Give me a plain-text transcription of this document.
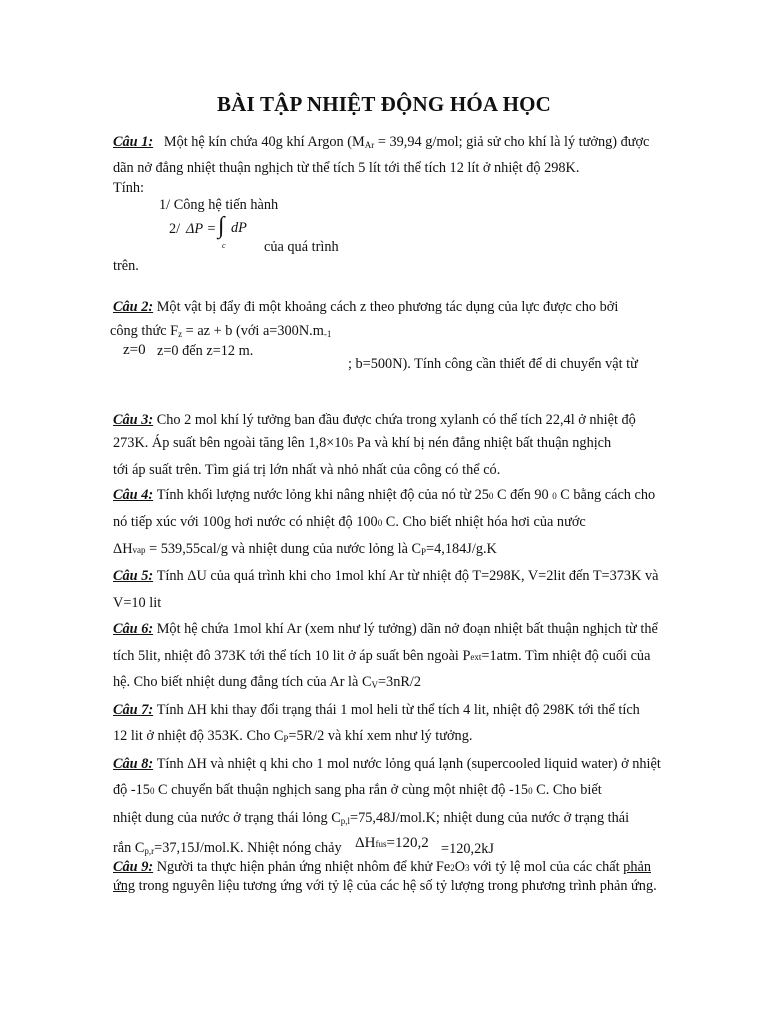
BÀI TẬP NHIỆT ĐỘNG HÓA HỌC
Câu 1: Một hệ kín chứa 40g khí Argon (MAr = 39,94 g/mol; giả sử cho khí là lý tưởng) được
dãn nở đẳng nhiệt thuận nghịch từ thể tích 5 lít tới thể tích 12 lít ở nhiệt độ 298K.
Tính:
1/ Công hệ tiến hành
2/ ΔP = ∫ dP
c	của quá trình
trên.
Câu 2: Một vật bị đẩy đi một khoảng cách z theo phương tác dụng của lực được cho bởi
công thức Fz = az + b (với a=300N.m-1
z=0 z=0 đến z=12 m.
; b=500N). Tính công cần thiết để di chuyển vật từ
Câu 3: Cho 2 mol khí lý tưởng ban đầu được chứa trong xylanh có thể tích 22,4l ở nhiệt độ
273K. Áp suất bên ngoài tăng lên 1,8×105 Pa và khí bị nén đẳng nhiệt bất thuận nghịch
tới áp suất trên. Tìm giá trị lớn nhất và nhỏ nhất của công có thể có.
Câu 4: Tính khối lượng nước lỏng khi nâng nhiệt độ của nó từ 250 C đến 90 0 C bằng cách cho
nó tiếp xúc với 100g hơi nước có nhiệt độ 1000 C. Cho biết nhiệt hóa hơi của nước
ΔHvap = 539,55cal/g và nhiệt dung của nước lỏng là CP=4,184J/g.K
Câu 5: Tính ΔU của quá trình khi cho 1mol khí Ar từ nhiệt độ T=298K, V=2lit đến T=373K và
V=10 lit
Câu 6: Một hệ chứa 1mol khí Ar (xem như lý tưởng) dãn nở đoạn nhiệt bất thuận nghịch từ thể
tích 5lit, nhiệt đô 373K tới thể tích 10 lit ở áp suất bên ngoài Pext=1atm. Tìm nhiệt độ cuối của
hệ. Cho biết nhiệt dung đẳng tích của Ar là CV=3nR/2
Câu 7: Tính ΔH khi thay đổi trạng thái 1 mol heli từ thể tích 4 lit, nhiệt độ 298K tới thể tích
12 lit ở nhiệt độ 353K. Cho CP=5R/2 và khí xem như lý tưởng.
Câu 8: Tính ΔH và nhiệt q khi cho 1 mol nước lỏng quá lạnh (supercooled liquid water) ở nhiệt
độ -150 C chuyển bất thuận nghịch sang pha rắn ở cùng một nhiệt độ -150 C. Cho biết
nhiệt dung của nước ở trạng thái lỏng Cp,l=75,48J/mol.K; nhiệt dung của nước ở trạng thái
rắn Cp,r=37,15J/mol.K. Nhiệt nóng chảy ΔHfus=120,2 =120,2kJ
Câu 9: Người ta thực hiện phản ứng nhiệt nhôm để khử Fe2O3 với tỷ lệ mol của các chất phản
ứng trong nguyên liệu tương ứng với tỷ lệ của các hệ số tỷ lượng trong phương trình phản ứng.
